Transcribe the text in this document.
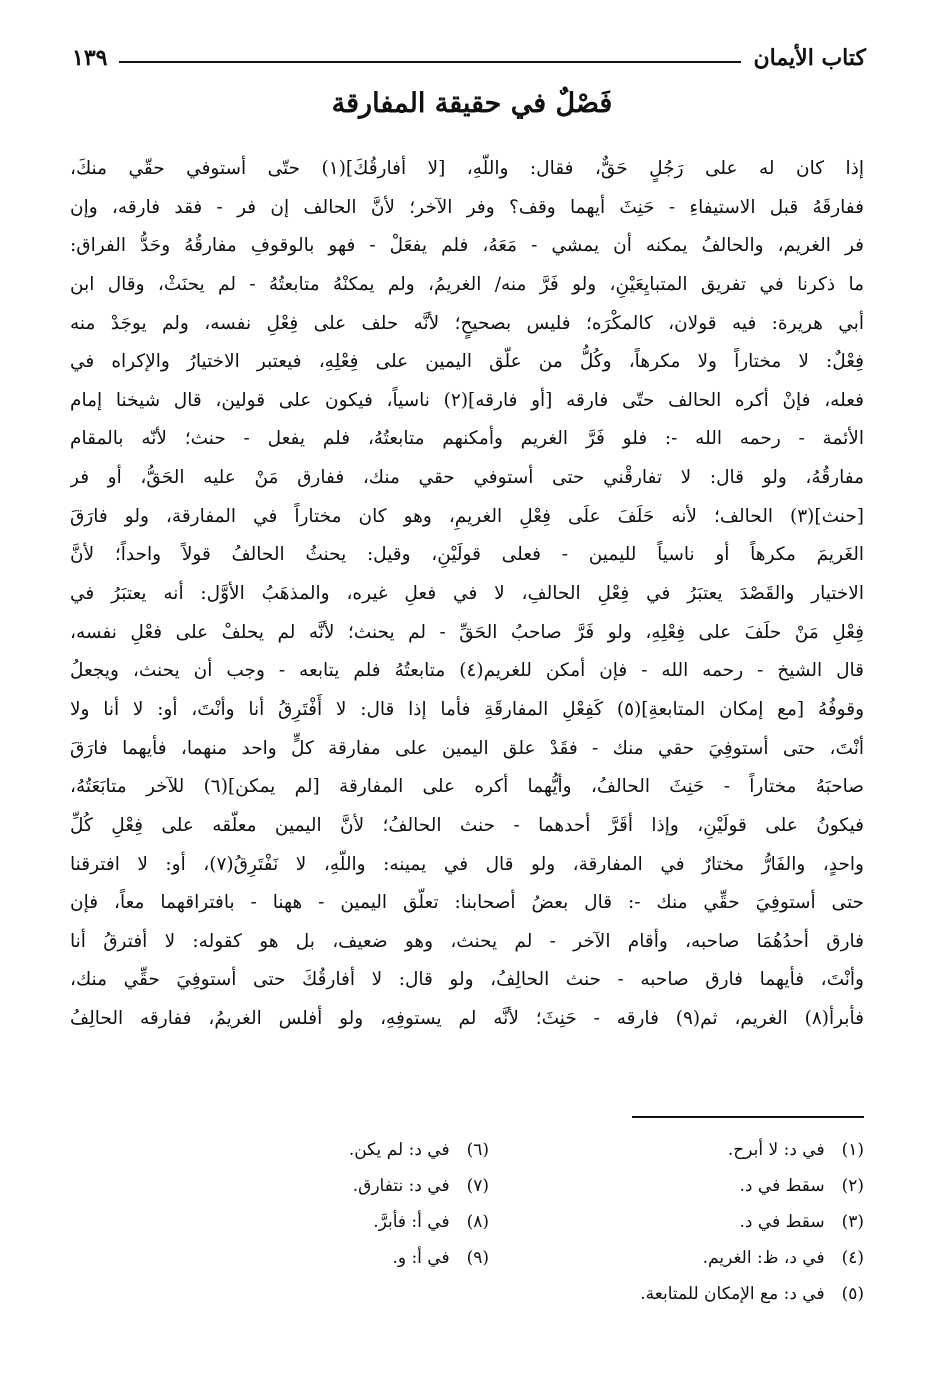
كتاب الأيمان
١٣٩
فَصْلٌ في حقيقة المفارقة
إذا كان له على رَجُلٍ حَقٌّ، فقال: واللّهِ، [لا أفارقُكَ](١) حتّى أستوفي حقّي منكَ،
ففارقَهُ قبل الاستيفاءِ - حَنِثَ أيهما وقف؟ وفر الآخر؛ لأنَّ الحالف إن فر - فقد فارقه، وإن
فر الغريم، والحالفُ يمكنه أن يمشي - مَعَهُ، فلم يفعَلْ - فهو بالوقوفِ مفارقُهُ وحَدُّ الفراق:
ما ذكرنا في تفريق المتبايِعَيْنِ، ولو فَرَّ منه/ الغريمُ، ولم يمكنْهُ متابعتُهُ - لم يحنَثْ، وقال ابن
أبي هريرة: فيه قولان، كالمكْرَه؛ فليس بصحيحٍ؛ لأنَّه حلف على فِعْلِ نفسه، ولم يوجَدْ منه
فِعْلٌ: لا مختاراً ولا مكرهاً، وكُلُّ من علّق اليمين على فِعْلِهِ، فيعتبر الاختيارُ والإكراه في
فعله، فإنْ أكره الحالف حتّى فارقه [أو فارقه](٢) ناسياً، فيكون على قولين، قال شيخنا إمام
الأئمة - رحمه الله -: فلو فَرَّ الغريم وأمكنهم متابعتُهُ، فلم يفعل - حنث؛ لأنّه بالمقام
مفارقُهُ، ولو قال: لا تفارقْني حتى أستوفي حقي منك، ففارق مَنْ عليه الحَقُّ، أو فر
[حنث](٣) الحالف؛ لأنه حَلَفَ علَى فِعْلِ الغريمِ، وهو كان مختاراً في المفارقة، ولو فارَقَ
الغَريمَ مكرهاً أو ناسياً لليمين - فعلى قولَيْنِ، وقيل: يحنثُ الحالفُ قولاً واحداً؛ لأنَّ
الاختيار والقَصْدَ يعتبَرُ في فِعْلِ الحالفِ، لا في فعلِ غيره، والمذهَبُ الأوَّل: أنه يعتبَرُ في
فِعْلِ مَنْ حلَفَ على فِعْلِهِ، ولو فَرَّ صاحبُ الحَقِّ - لم يحنث؛ لأنَّه لم يحلفْ على فعْلِ نفسه،
قال الشيخ - رحمه الله - فإن أمكن للغريم(٤) متابعتُهُ فلم يتابعه - وجب أن يحنث، ويجعلُ
وقوفُهُ [مع إمكان المتابعةِ](٥) كَفِعْلِ المفارقَةِ فأما إذا قال: لا أَفْتَرِقُ أنا وأنْتَ، أو: لا أنا ولا
أنْتَ، حتى أستوفِيَ حقي منك - فقَدْ علق اليمين على مفارقة كلٍّ واحد منهما، فأيهما فارَقَ
صاحبَهُ مختاراً - حَنِثَ الحالفُ، وأيُّهما أكره على المفارقة [لم يمكن](٦) للآخر متابَعَتُهُ،
فيكونُ على قولَيْنِ، وإذا أقَرَّ أحدهما - حنث الحالفُ؛ لأنَّ اليمين معلّقه على فِعْلِ كُلِّ
واحدٍ، والفَارُّ مختارٌ في المفارقة، ولو قال في يمينه: واللّهِ، لا نَفْتَرِقُ(٧)، أو: لا افترقنا
حتى أستوفِيَ حقِّي منك -: قال بعضُ أصحابنا: تعلّق اليمين - ههنا - بافتراقهما معاً، فإن
فارق أحدُهُمَا صاحبه، وأقام الآخر - لم يحنث، وهو ضعيف، بل هو كقوله: لا أفترقُ أنا
وأنْتَ، فأيهما فارق صاحبه - حنث الحالِفُ، ولو قال: لا أفارقُكَ حتى أستوفِيَ حقِّي منك،
فأبرأ(٨) الغريم، ثم(٩) فارقه - حَنِثَ؛ لأنَّه لم يستوفِهِ، ولو أفلس الغريمُ، ففارقه الحالِفُ
(١) في د: لا أبرح.
(٢) سقط في د.
(٣) سقط في د.
(٤) في د، ظ: الغريم.
(٥) في د: مع الإمكان للمتابعة.
(٦) في د: لم يكن.
(٧) في د: نتفارق.
(٨) في أ: فأبرَّ.
(٩) في أ: و.
